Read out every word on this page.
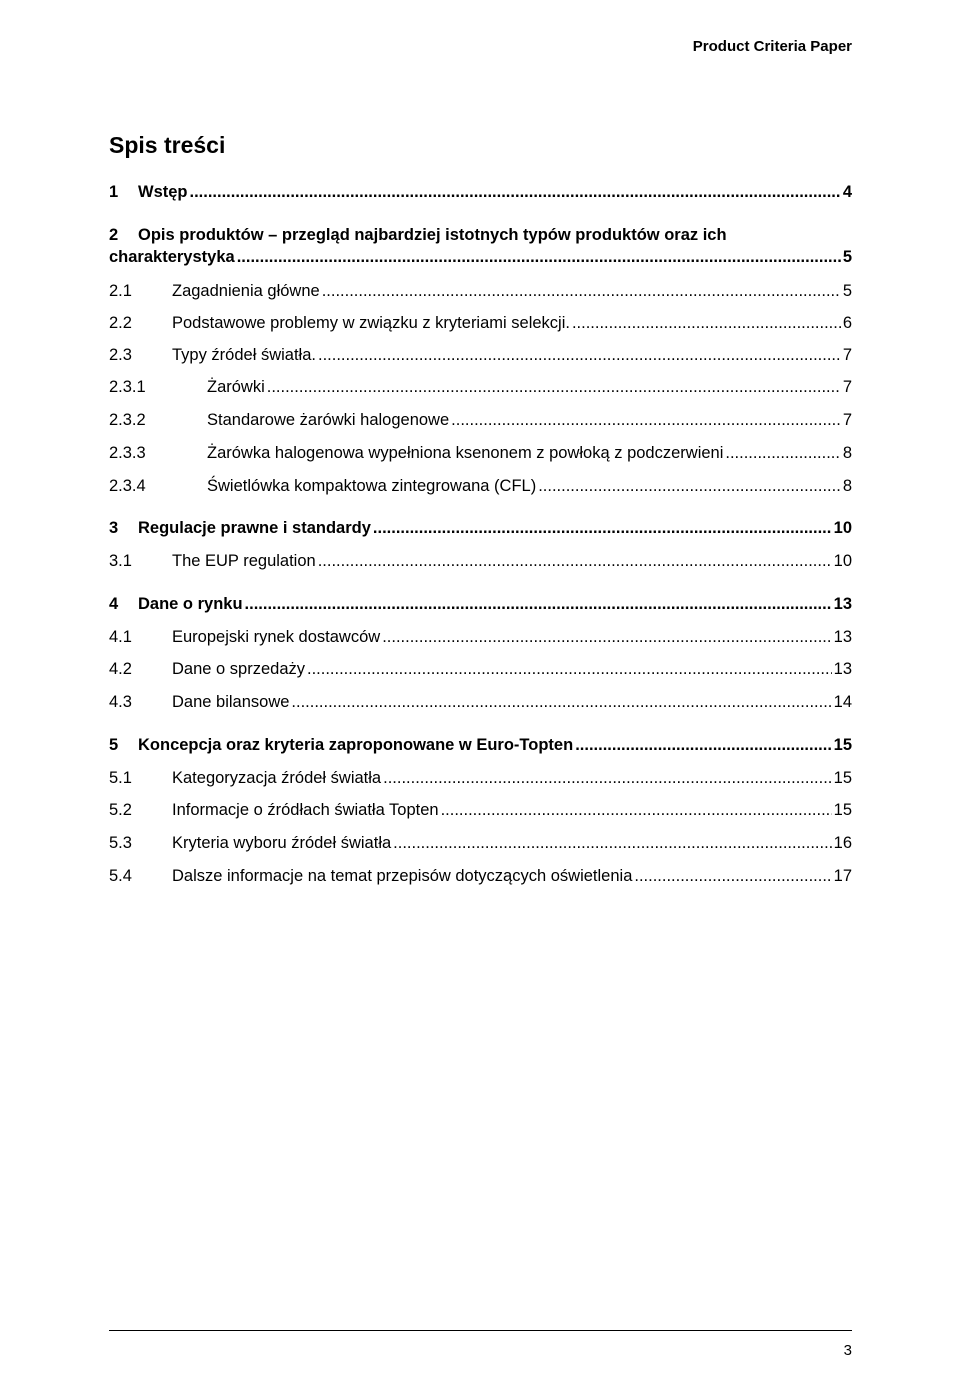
Product Criteria Paper
Spis treści
1	Wstęp .....	4
2	Opis produktów – przegląd najbardziej istotnych typów produktów oraz ich
charakterystyka .....	5
2.1	Zagadnienia główne .....	5
2.2	Podstawowe problemy w związku z kryteriami selekcji. .....	6
2.3	Typy źródeł światła. .....	7
2.3.1	Żarówki .....	7
2.3.2	Standarowe żarówki halogenowe .....	7
2.3.3	Żarówka halogenowa wypełniona ksenonem z powłoką z podczerwieni .....	8
2.3.4	Świetlówka kompaktowa zintegrowana (CFL) .....	8
3	Regulacje prawne i standardy .....	10
3.1	The EUP regulation .....	10
4	Dane o rynku .....	13
4.1	Europejski rynek dostawców .....	13
4.2	Dane o sprzedaży .....	13
4.3	Dane bilansowe .....	14
5	Koncepcja oraz kryteria zaproponowane w Euro-Topten .....	15
5.1	Kategoryzacja źródeł światła .....	15
5.2	Informacje o źródłach światła Topten .....	15
5.3	Kryteria wyboru źródeł światła .....	16
5.4	Dalsze informacje na temat przepisów dotyczących oświetlenia .....	17
3
